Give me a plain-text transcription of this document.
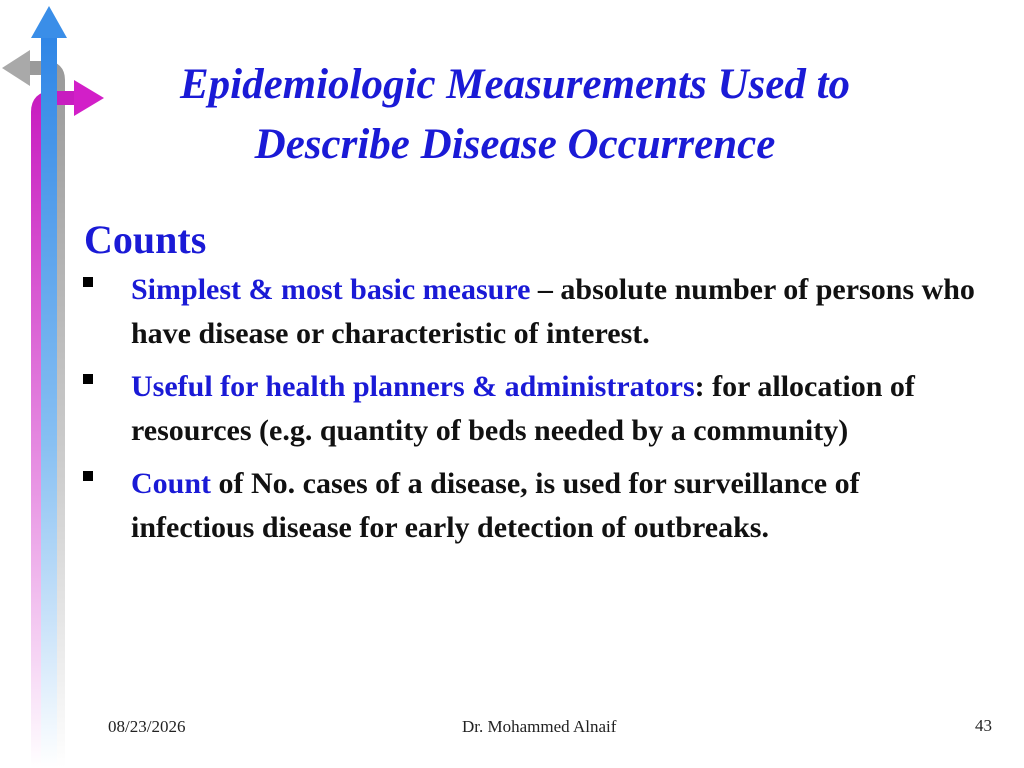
Epidemiologic Measurements Used to
Describe Disease Occurrence
Counts
Simplest & most basic measure – absolute number of persons who have disease or characteristic of interest.
Useful for health planners & administrators: for allocation of resources (e.g. quantity of beds needed by a community)
Count of No. cases of a disease, is used for surveillance of infectious disease for early detection of outbreaks.
08/23/2026	Dr. Mohammed Alnaif	43
